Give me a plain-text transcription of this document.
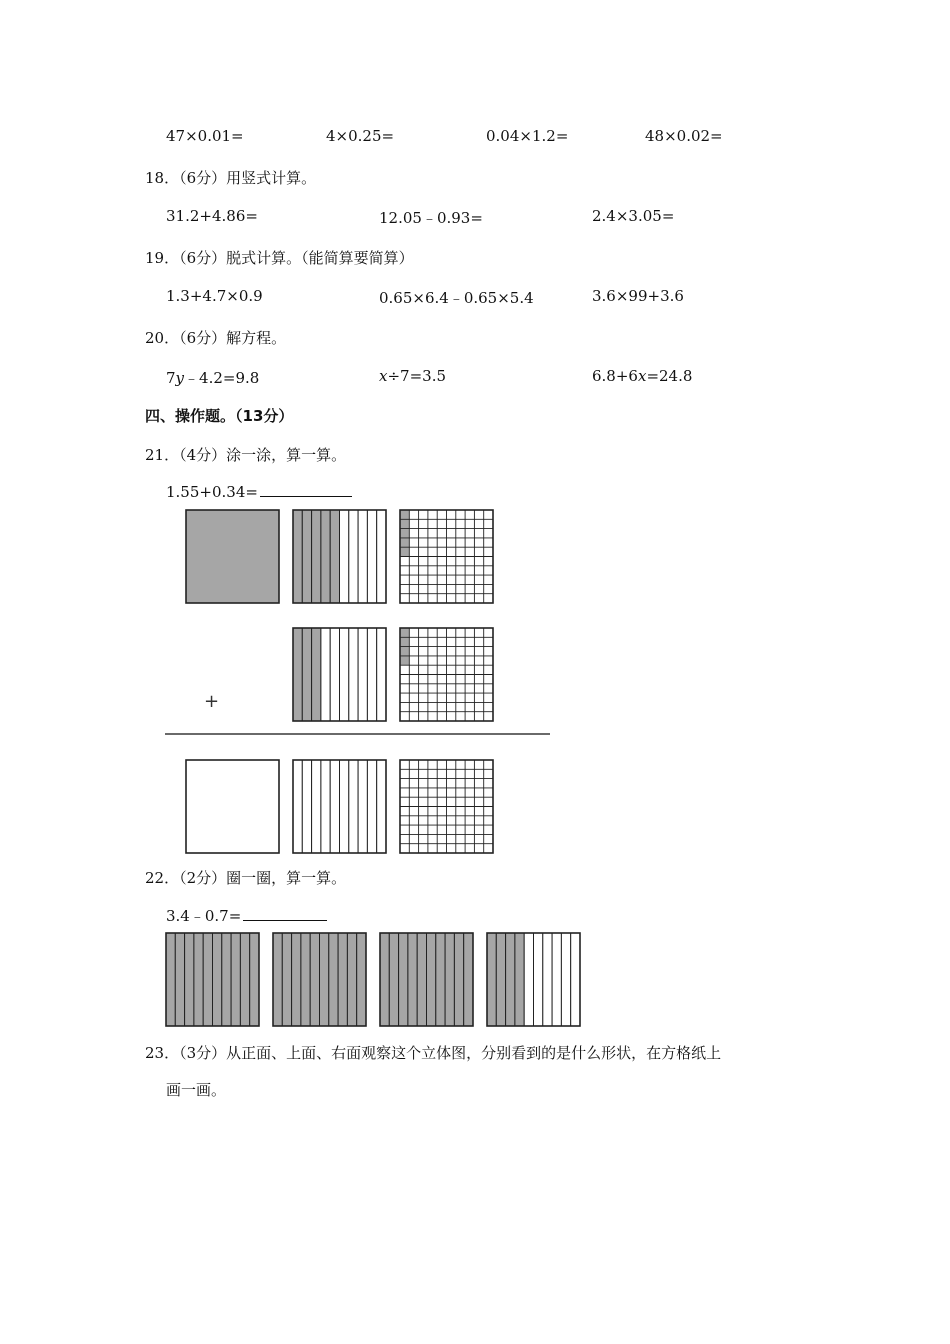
47×0.01=	4×0.25=	0.04×1.2=	48×0.02=
18．（6分）用竖式计算。
31.2+4.86=	12.05﹣0.93=	2.4×3.05=
19．（6分）脱式计算。（能简算要简算）
1.3+4.7×0.9	0.65×6.4﹣0.65×5.4	3.6×99+3.6
20．（6分）解方程。
7y﹣4.2=9.8	x÷7=3.5	6.8+6x=24.8
四、操作题。（13分）
21．（4分）涂一涂，算一算。
1.55+0.34=
+
22．（2分）圈一圈，算一算。
3.4﹣0.7=
23．（3分）从正面、上面、右面观察这个立体图，分别看到的是什么形状，在方格纸上
画一画。
